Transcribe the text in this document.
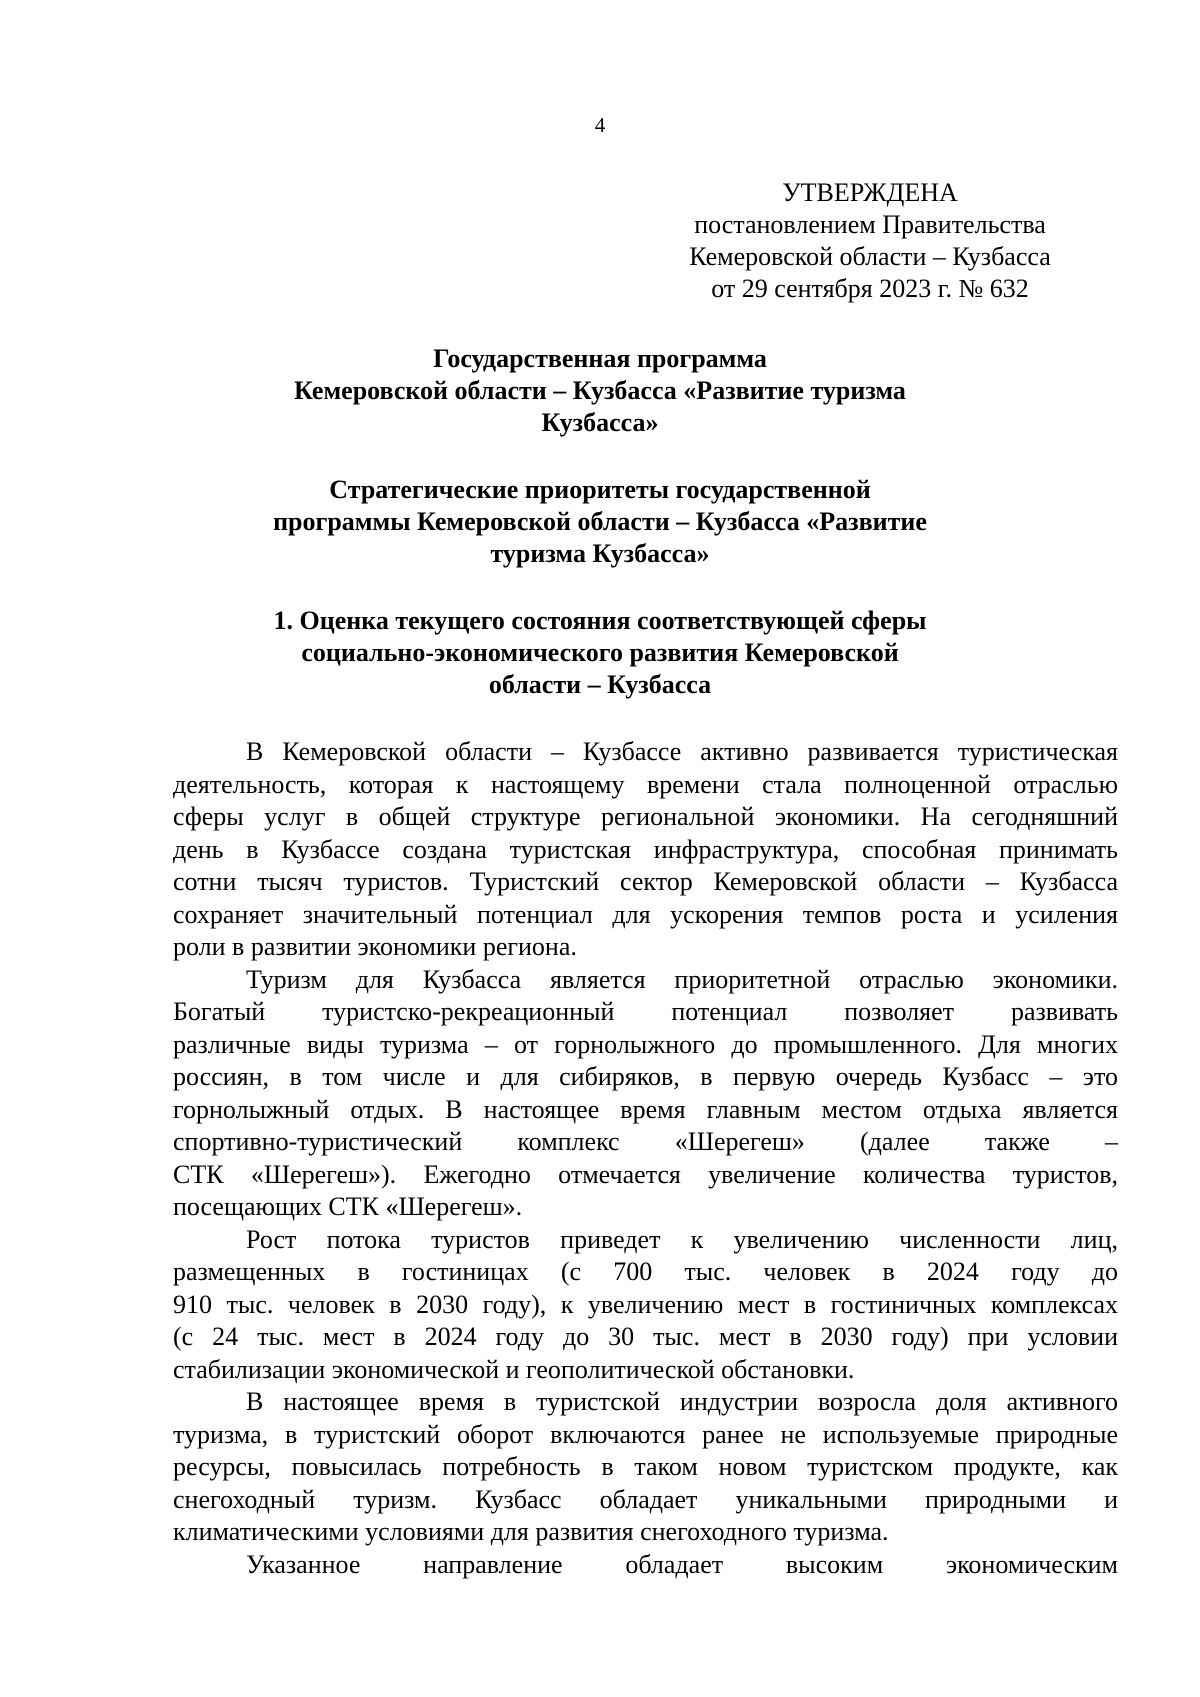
4
УТВЕРЖДЕНА
постановлением Правительства
Кемеровской области – Кузбасса
от 29 сентября 2023 г. № 632
Государственная программа
Кемеровской области – Кузбасса «Развитие туризма
Кузбасса»
Стратегические приоритеты государственной
программы Кемеровской области – Кузбасса «Развитие
туризма Кузбасса»
1. Оценка текущего состояния соответствующей сферы
социально-экономического развития Кемеровской
области – Кузбасса
В Кемеровской области – Кузбассе активно развивается туристическая
деятельность, которая к настоящему времени стала полноценной отраслью
сферы услуг в общей структуре региональной экономики. На сегодняшний
день в Кузбассе создана туристская инфраструктура, способная принимать
сотни тысяч туристов. Туристский сектор Кемеровской области – Кузбасса
сохраняет значительный потенциал для ускорения темпов роста и усиления
роли в развитии экономики региона.
Туризм для Кузбасса является приоритетной отраслью экономики.
Богатый туристско-рекреационный потенциал позволяет развивать
различные виды туризма – от горнолыжного до промышленного. Для многих
россиян, в том числе и для сибиряков, в первую очередь Кузбасс – это
горнолыжный отдых. В настоящее время главным местом отдыха является
спортивно-туристический комплекс «Шерегеш» (далее также –
СТК «Шерегеш»). Ежегодно отмечается увеличение количества туристов,
посещающих СТК «Шерегеш».
Рост потока туристов приведет к увеличению численности лиц,
размещенных в гостиницах (с 700 тыс. человек в 2024 году до
910 тыс. человек в 2030 году), к увеличению мест в гостиничных комплексах
(с 24 тыс. мест в 2024 году до 30 тыс. мест в 2030 году) при условии
стабилизации экономической и геополитической обстановки.
В настоящее время в туристской индустрии возросла доля активного
туризма, в туристский оборот включаются ранее не используемые природные
ресурсы, повысилась потребность в таком новом туристском продукте, как
снегоходный туризм. Кузбасс обладает уникальными природными и
климатическими условиями для развития снегоходного туризма.
Указанное направление обладает высоким экономическим
